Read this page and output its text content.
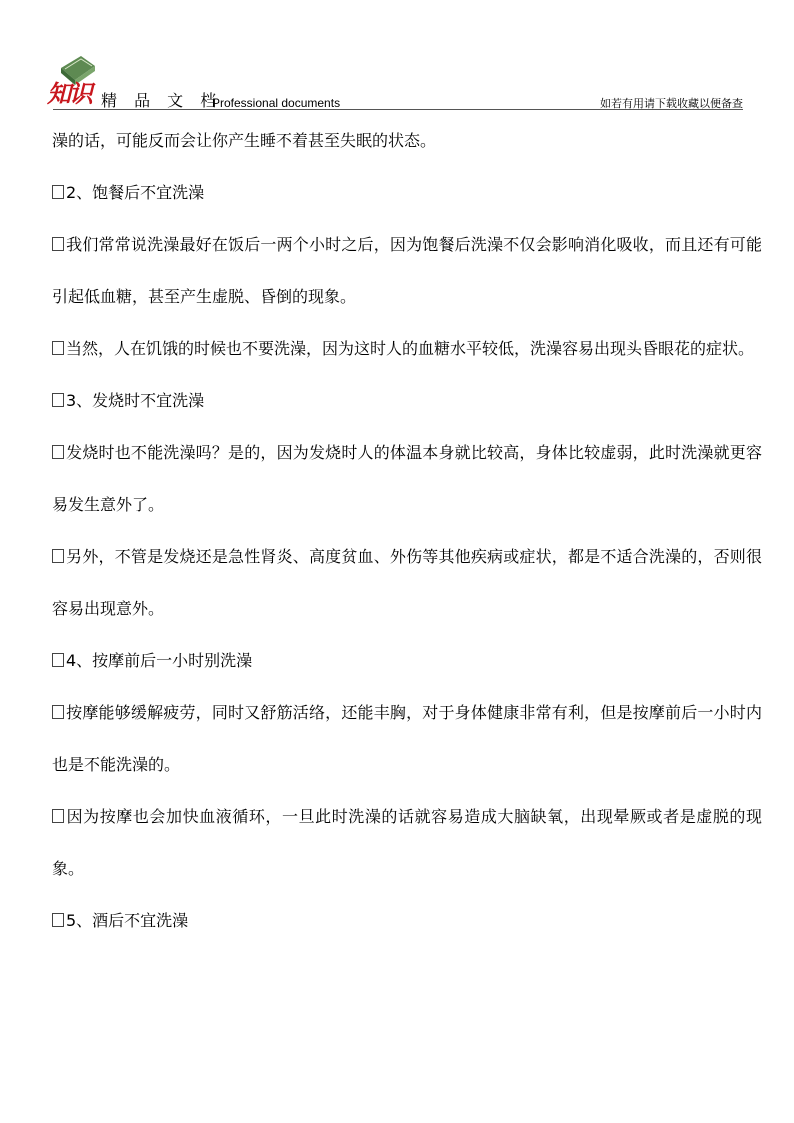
知识 精 品 文 档
Professional documents	如若有用请下载收藏以便备查

澡的话，可能反而会让你产生睡不着甚至失眠的状态。

2、饱餐后不宜洗澡

我们常常说洗澡最好在饭后一两个小时之后，因为饱餐后洗澡不仅会影响消化吸收，而且还有可能引起低血糖，甚至产生虚脱、昏倒的现象。

当然，人在饥饿的时候也不要洗澡，因为这时人的血糖水平较低，洗澡容易出现头昏眼花的症状。

3、发烧时不宜洗澡

发烧时也不能洗澡吗？是的，因为发烧时人的体温本身就比较高，身体比较虚弱，此时洗澡就更容易发生意外了。

另外，不管是发烧还是急性肾炎、高度贫血、外伤等其他疾病或症状，都是不适合洗澡的，否则很容易出现意外。

4、按摩前后一小时别洗澡

按摩能够缓解疲劳，同时又舒筋活络，还能丰胸，对于身体健康非常有利，但是按摩前后一小时内也是不能洗澡的。

因为按摩也会加快血液循环，一旦此时洗澡的话就容易造成大脑缺氧，出现晕厥或者是虚脱的现象。

5、酒后不宜洗澡
